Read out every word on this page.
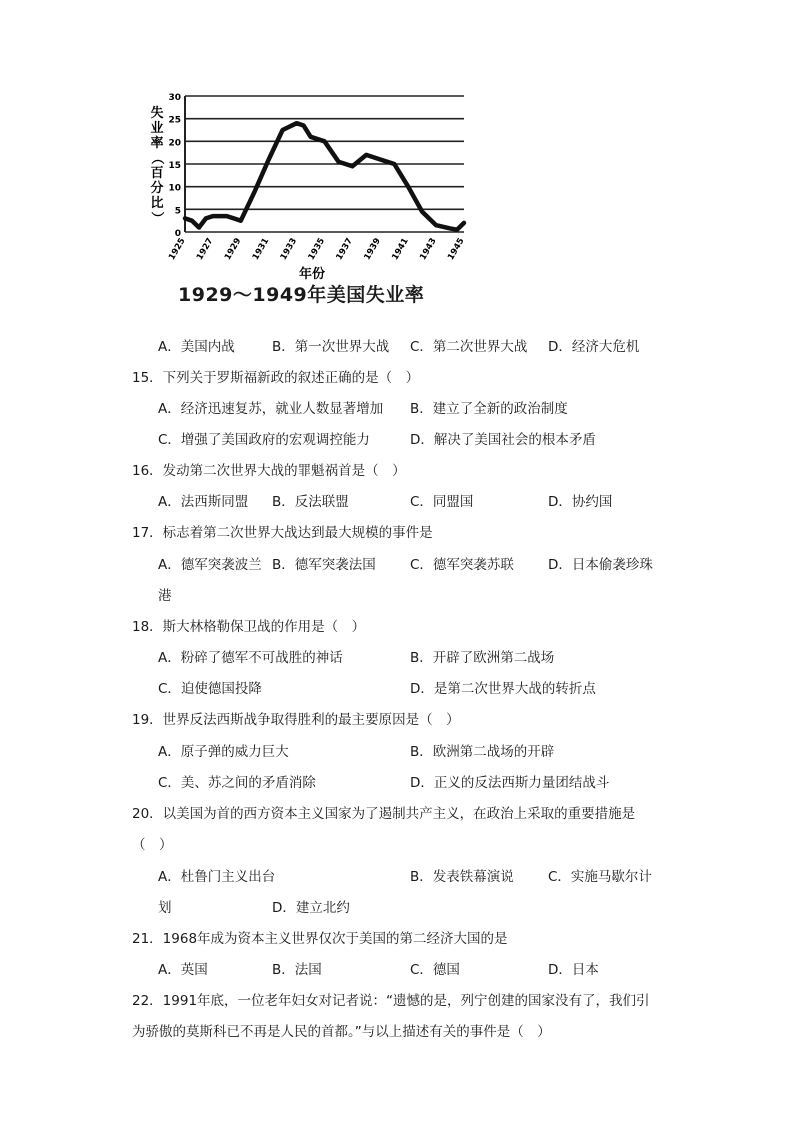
失
业
率
（
百
分
比
）
0
5
10
15
20
25
30
1925 1927 1929 1931 1933 1935 1937 1939 1941 1943 1945
年份
1929～1949年美国失业率
A．美国内战	B．第一次世界大战 C．第二次世界大战 D．经济大危机
15．下列关于罗斯福新政的叙述正确的是（　）
A．经济迅速复苏，就业人数显著增加 B．建立了全新的政治制度
C．增强了美国政府的宏观调控能力	D．解决了美国社会的根本矛盾
16．发动第二次世界大战的罪魁祸首是（　）
A．法西斯同盟 B．反法联盟	C．同盟国	D．协约国
17．标志着第二次世界大战达到最大规模的事件是
A．德军突袭波兰 B．德军突袭法国	C．德军突袭苏联	D．日本偷袭珍珠
港
18．斯大林格勒保卫战的作用是（　）
A．粉碎了德军不可战胜的神话	B．开辟了欧洲第二战场
C．迫使德国投降	D．是第二次世界大战的转折点
19．世界反法西斯战争取得胜利的最主要原因是（　）
A．原子弹的威力巨大	B．欧洲第二战场的开辟
C．美、苏之间的矛盾消除	D．正义的反法西斯力量团结战斗
20．以美国为首的西方资本主义国家为了遏制共产主义，在政治上采取的重要措施是
（　）
A．杜鲁门主义出台	B．发表铁幕演说	C．实施马歇尔计
划	D．建立北约
21．1968年成为资本主义世界仅次于美国的第二经济大国的是
A．英国	B．法国	C．德国	D．日本
22．1991年底，一位老年妇女对记者说：“遗憾的是，列宁创建的国家没有了，我们引
为骄傲的莫斯科已不再是人民的首都。”与以上描述有关的事件是（　）
